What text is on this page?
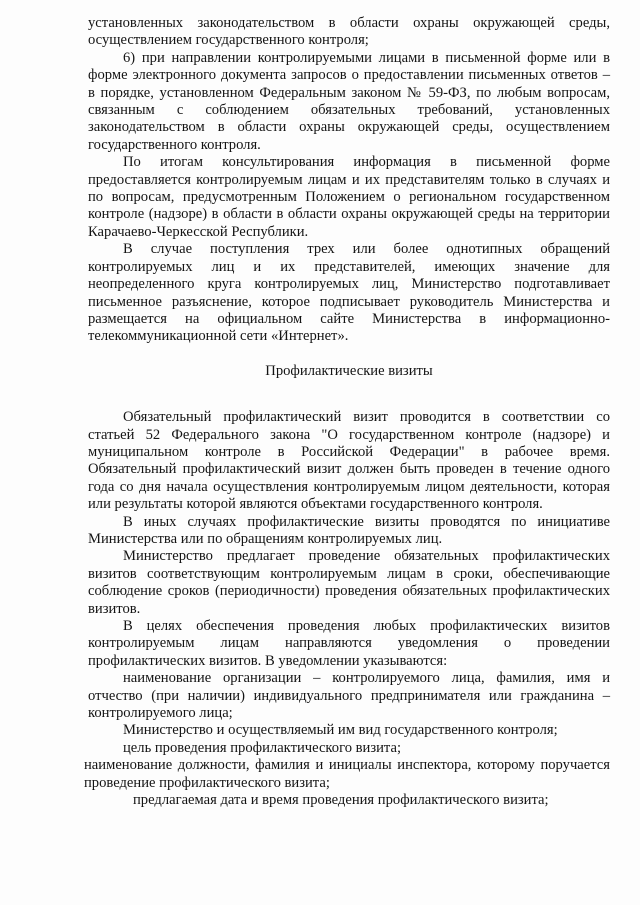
установленных законодательством в области охраны окружающей среды, осуществлением государственного контроля;

6) при направлении контролируемыми лицами в письменной форме или в форме электронного документа запросов о предоставлении письменных ответов – в порядке, установленном Федеральным законом № 59-ФЗ, по любым вопросам, связанным с соблюдением обязательных требований, установленных законодательством в области охраны окружающей среды, осуществлением государственного контроля.

По итогам консультирования информация в письменной форме предоставляется контролируемым лицам и их представителям только в случаях и по вопросам, предусмотренным Положением о региональном государственном контроле (надзоре) в области в области охраны окружающей среды на территории Карачаево-Черкесской Республики.

В случае поступления трех или более однотипных обращений контролируемых лиц и их представителей, имеющих значение для неопределенного круга контролируемых лиц, Министерство подготавливает письменное разъяснение, которое подписывает руководитель Министерства и размещается на официальном сайте Министерства в информационно-телекоммуникационной сети «Интернет».

Профилактические визиты

Обязательный профилактический визит проводится в соответствии со статьей 52 Федерального закона "О государственном контроле (надзоре) и муниципальном контроле в Российской Федерации" в рабочее время. Обязательный профилактический визит должен быть проведен в течение одного года со дня начала осуществления контролируемым лицом деятельности, которая или результаты которой являются объектами государственного контроля.

В иных случаях профилактические визиты проводятся по инициативе Министерства или по обращениям контролируемых лиц.

Министерство предлагает проведение обязательных профилактических визитов соответствующим контролируемым лицам в сроки, обеспечивающие соблюдение сроков (периодичности) проведения обязательных профилактических визитов.

В целях обеспечения проведения любых профилактических визитов контролируемым лицам направляются уведомления о проведении профилактических визитов. В уведомлении указываются:

наименование организации – контролируемого лица, фамилия, имя и отчество (при наличии) индивидуального предпринимателя или гражданина – контролируемого лица;

Министерство и осуществляемый им вид государственного контроля;

цель проведения профилактического визита;

наименование должности, фамилия и инициалы инспектора, которому поручается проведение профилактического визита;

предлагаемая дата и время проведения профилактического визита;
